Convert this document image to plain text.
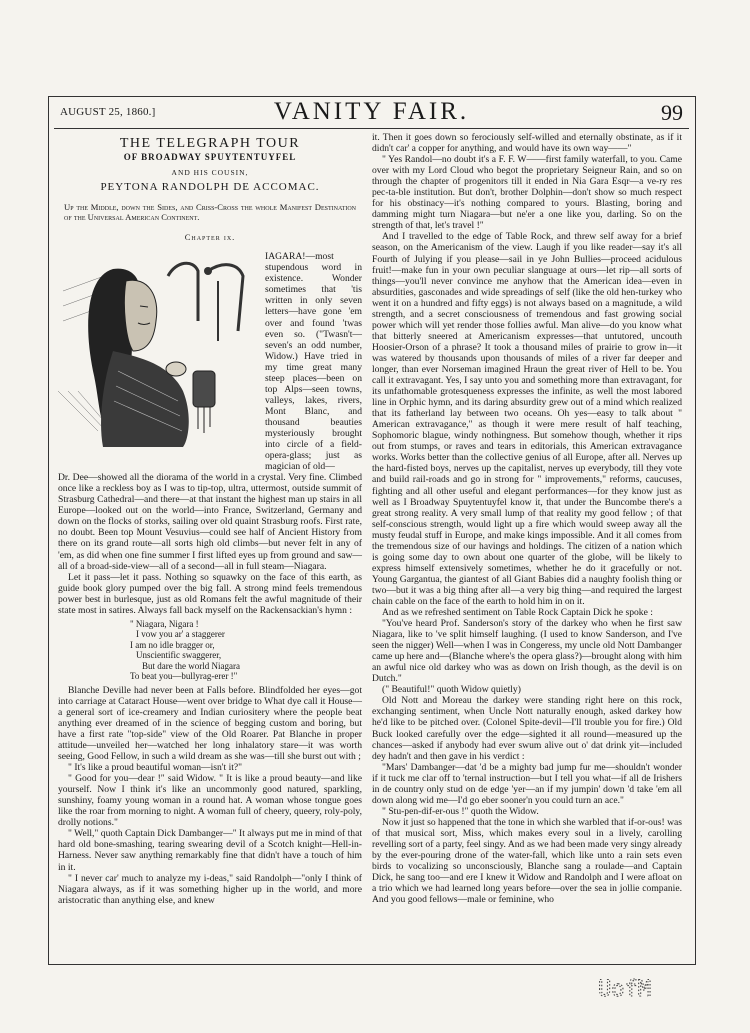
AUGUST 25, 1860.]	VANITY FAIR.	99
THE TELEGRAPH TOUR
OF BROADWAY SPUYTENTUYFEL
AND HIS COUSIN,
PEYTONA RANDOLPH DE ACCOMAC.
Up the Middle, down the Sides, and Criss-Cross the whole Manifest Destination of the Universal American Continent.
Chapter ix.
IAGARA!—most stupendous word in existence. Wonder sometimes that 'tis written in only seven letters—have gone 'em over and found 'twas even so. ("Twasn't—seven's an odd number, Widow.) Have tried in my time great many steep places—been on top Alps—seen towns, valleys, lakes, rivers, Mont Blanc, and thousand beauties mysteriously brought into circle of a field-opera-glass; just as magician of old—

Dr. Dee—showed all the diorama of the world in a crystal. Very fine. Climbed once like a reckless boy as I was to tip-top, ultra, uttermost, outside summit of Strasburg Cathedral—and there—at that instant the highest man up stairs in all Europe—looked out on the world—into France, Switzerland, Germany and down on the flocks of storks, sailing over old quaint Strasburg roofs. First rate, no doubt. Been top Mount Vesuvius—could see half of Ancient History from there on its grand route—all sorts high old climbs—but never felt in any of 'em, as did when one fine summer I first lifted eyes up from ground and saw—all of a broad-side-view—all of a second—all in full steam—Niagara.

Let it pass—let it pass. Nothing so squawky on the face of this earth, as guide book glory pumped over the big fall. A strong mind feels tremendous power best in burlesque, just as old Romans felt the awful magnitude of their state most in satires. Always fall back myself on the Rackensackian's hymn :

" Niagara, Nigara !
I vow you ar' a staggerer
I am no idle bragger or,
Unscientific swaggerer,
But dare the world Niagara
To beat you—bullyrag-erer !"

Blanche Deville had never been at Falls before. Blindfolded her eyes—got into carriage at Cataract House—went over bridge to What dye call it House—a general sort of ice-creamery and Indian curiositery where the people beat anything ever dreamed of in the science of begging custom and boring, but have a first rate "top-side" view of the Old Roarer. Pat Blanche in proper attitude—unveiled her—watched her long inhalatory stare—it was worth seeing, Good Fellow, in such a wild dream as she was—till she burst out with ;

" It's like a proud beautiful woman—isn't it?"

" Good for you—dear !" said Widow. " It is like a proud beauty—and like yourself. Now I think it's like an uncommonly good natured, sparkling, sunshiny, foamy young woman in a round hat. A woman whose tongue goes like the roar from morning to night. A woman full of cheery, queery, roly-poly, drolly notions."

" Well," quoth Captain Dick Dambanger—" It always put me in mind of that hard old bone-smashing, tearing swearing devil of a Scotch knight—Hell-in-Harness. Never saw anything remarkably fine that didn't have a touch of him in it.

" I never car' much to analyze my i-deas," said Randolph—"only I think of Niagara always, as if it was something higher up in the world, and more aristocratic than anything else, and knew

it. Then it goes down so ferociously self-willed and eternally obstinate, as if it didn't car' a copper for anything, and would have its own way——"

" Yes Randol—no doubt it's a F. F. W——first family waterfall, to you. Came over with my Lord Cloud who begot the proprietary Seigneur Rain, and so on through the chapter of progenitors till it ended in Nia Gara Esqr—a ve-ry res pec-ta-ble institution. But don't, brother Dolphin—don't show so much respect for his obstinacy—it's nothing compared to yours. Blasting, boring and damming might turn Niagara—but ne'er a one like you, darling. So on the strength of that, let's travel !"

And I travelled to the edge of Table Rock, and threw self away for a brief season, on the Americanism of the view. Laugh if you like reader—say it's all Fourth of Julying if you please—sail in ye John Bullies—proceed acidulous fruit!—make fun in your own peculiar slanguage at ours—let rip—all sorts of things—you'll never convince me anyhow that the American idea—even in absurdities, gasconades and wide spreadings of self (like the old hen-turkey who went it on a hundred and fifty eggs) is not always based on a magnitude, a wild strength, and a secret consciousness of tremendous and fast growing social power which will yet render those follies awful. Man alive—do you know what that bitterly sneered at Americanism expresses—that untutored, uncouth Hoosier-Orson of a phrase? It took a thousand miles of prairie to grow in—it was watered by thousands upon thousands of miles of a river far deeper and longer, than ever Norseman imagined Hraun the great river of Hell to be. You call it extravagant. Yes, I say unto you and something more than extravagant, for its unfathomable grotesqueness expresses the infinite, as well the most labored line in Orphic hymn, and its daring absurdity grew out of a mind which realized that its fatherland lay between two oceans. Oh yes—easy to talk about " American extravagance," as though it were mere result of half teaching, Sophomoric blague, windy nothingness. But somehow though, whether it rips out from stumps, or raves and tears in editorials, this American extravagance works. Works better than the collective genius of all Europe, after all. Nerves up the hard-fisted boys, nerves up the capitalist, nerves up everybody, till they vote and build rail-roads and go in strong for " improvements," reforms, caucuses, fighting and all other useful and elegant performances—for they know just as well as I Broadway Spuytentuyfel know it, that under the Buncombe there's a great strong reality. A very small lump of that reality my good fellow ; of that self-conscious strength, would light up a fire which would sweep away all the musty feudal stuff in Europe, and make kings impossible. And it all comes from the tremendous size of our havings and holdings. The citizen of a nation which is going some day to own about one quarter of the globe, will be likely to express himself extensively sometimes, whether he do it gracefully or not. Young Gargantua, the giantest of all Giant Babies did a naughty foolish thing or two—but it was a big thing after all—a very big thing—and required the largest chain cable on the face of the earth to hold him in on it.

And as we refreshed sentiment on Table Rock Captain Dick he spoke :

"You've heard Prof. Sanderson's story of the darkey who when he first saw Niagara, like to 've split himself laughing. (I used to know Sanderson, and I've seen the nigger) Well—when I was in Congeress, my uncle old Nott Dambanger came up here and—(Blanche where's the opera glass?)—brought along with him an awful nice old darkey who was as down on Irish though, as the devil is on Dutch."

(" Beautiful!" quoth Widow quietly)

Old Nott and Moreau the darkey were standing right here on this rock, exchanging sentiment, when Uncle Nott naturally enough, asked darkey how he'd like to be pitched over. (Colonel Spite-devil—I'll trouble you for fire.) Old Buck looked carefully over the edge—sighted it all round—measured up the chances—asked if anybody had ever swum alive out o' dat drink yit—included dey hadn't and then gave in his verdict :

"Mars' Dambanger—dat 'd be a mighty bad jump fur me—shouldn't wonder if it tuck me clar off to 'ternal instruction—but I tell you what—if all de Irishers in de country only stud on de edge 'yer—an if my jumpin' down 'd take 'em all down along wid me—I'd go eber sooner'n you could turn an ace."

" Stu-pen-dif-er-ous !" quoth the Widow.

Now it just so happened that the tone in which she warbled that if-or-ous! was of that musical sort, Miss, which makes every soul in a lively, carolling revelling sort of a party, feel singy. And as we had been made very singy already by the ever-pouring drone of the water-fall, which like unto a rain sets even birds to vocalizing so unconsciously, Blanche sang a roulade—and Captain Dick, he sang too—and ere I knew it Widow and Randolph and I were afloat on a trio which we had learned long years before—over the sea in jollie companie. And you good fellows—male or feminine, who

UofM
